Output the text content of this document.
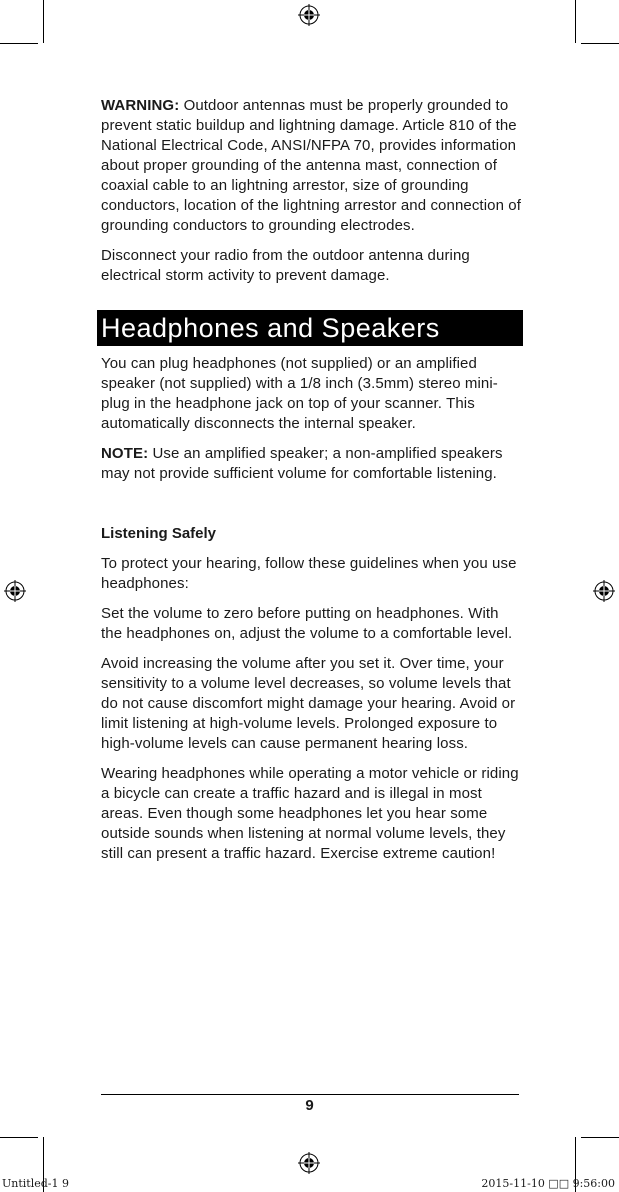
WARNING: Outdoor antennas must be properly grounded to prevent static buildup and lightning damage. Article 810 of the National Electrical Code, ANSI/NFPA 70, provides information about proper grounding of the antenna mast, connection of coaxial cable to an lightning arrestor, size of grounding conductors, location of the lightning arrestor and connection of grounding conductors to grounding electrodes.

Disconnect your radio from the outdoor antenna during electrical storm activity to prevent damage.

Headphones and Speakers

You can plug headphones (not supplied) or an amplified speaker (not supplied) with a 1/8 inch (3.5mm) stereo mini-plug in the headphone jack on top of your scanner. This automatically disconnects the internal speaker.

NOTE: Use an amplified speaker; a non-amplified speakers may not provide sufficient volume for comfortable listening.

Listening Safely

To protect your hearing, follow these guidelines when you use headphones:

Set the volume to zero before putting on headphones. With the headphones on, adjust the volume to a comfortable level.

Avoid increasing the volume after you set it. Over time, your sensitivity to a volume level decreases, so volume levels that do not cause discomfort might damage your hearing. Avoid or limit listening at high-volume levels. Prolonged exposure to high-volume levels can cause permanent hearing loss.

Wearing headphones while operating a motor vehicle or riding a bicycle can create a traffic hazard and is illegal in most areas. Even though some headphones let you hear some outside sounds when listening at normal volume levels, they still can present a traffic hazard. Exercise extreme caution!

9
Untitled-1 9	2015-11-10 □□ 9:56:00
